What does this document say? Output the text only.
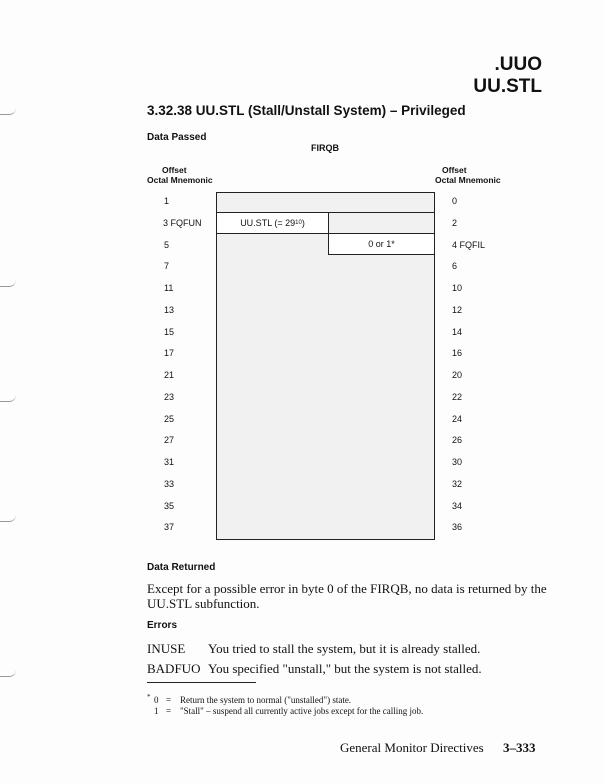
.UUO
UU.STL
3.32.38 UU.STL (Stall/Unstall System) – Privileged
Data Passed
FIRQB
Offset
Octal Mnemonic
Offset
Octal Mnemonic
UU.STL (= 29 10 )
0 or 1*
Data Returned
Except for a possible error in byte 0 of the FIRQB, no data is returned by the UU.STL subfunction.
Errors
INUSE You tried to stall the system, but it is already stalled.
BADFUO You specified "unstall," but the system is not stalled.
* 0 = Return the system to normal ("unstalled") state.
1 = "Stall" – suspend all currently active jobs except for the calling job.
General Monitor Directives 3–333
1
3 FQFUN
5
7
11
13
15
17
21
23
25
27
31
33
35
37
0
2
4 FQFIL
6
10
12
14
16
20
22
24
26
30
32
34
36
